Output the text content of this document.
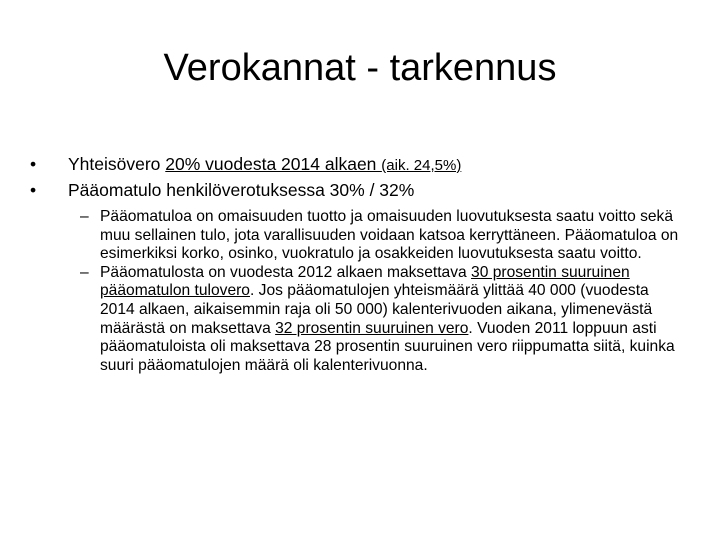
Verokannat - tarkennus
•	Yhteisövero 20% vuodesta 2014 alkaen (aik. 24,5%)
•	Pääomatulo henkilöverotuksessa 30% / 32%
– Pääomatuloa on omaisuuden tuotto ja omaisuuden luovutuksesta saatu voitto sekä muu sellainen tulo, jota varallisuuden voidaan katsoa kerryttäneen. Pääomatuloa on esimerkiksi korko, osinko, vuokratulo ja osakkeiden luovutuksesta saatu voitto.
– Pääomatulosta on vuodesta 2012 alkaen maksettava 30 prosentin suuruinen pääomatulon tulovero. Jos pääomatulojen yhteismäärä ylittää 40 000 (vuodesta 2014 alkaen, aikaisemmin raja oli 50 000) kalenterivuoden aikana, ylimenevästä määrästä on maksettava 32 prosentin suuruinen vero. Vuoden 2011 loppuun asti pääomatuloista oli maksettava 28 prosentin suuruinen vero riippumatta siitä, kuinka suuri pääomatulojen määrä oli kalenterivuonna.
